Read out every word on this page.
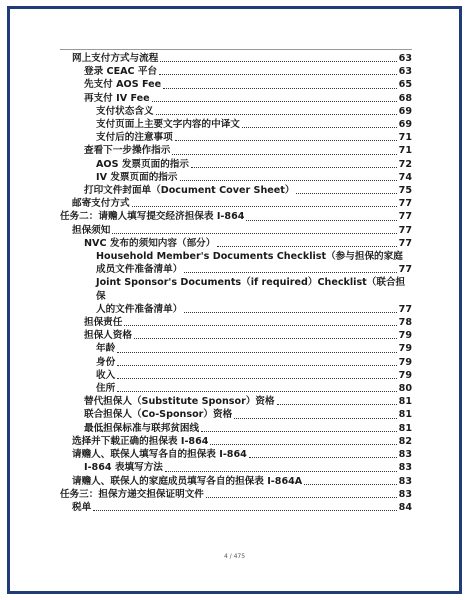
网上支付方式与流程	63
登录 CEAC 平台	63
先支付 AOS Fee	65
再支付 IV Fee	68
支付状态含义	69
支付页面上主要文字内容的中译文	69
支付后的注意事项	71
查看下一步操作指示	71
AOS 发票页面的指示	72
IV 发票页面的指示	74
打印文件封面单（Document Cover Sheet）	75
邮寄支付方式	77
任务二：请赡人填写提交经济担保表 I-864	77
担保须知	77
NVC 发布的须知内容（部分）	77
Household Member's Documents Checklist（参与担保的家庭
成员文件准备清单）	77
Joint Sponsor's Documents（if required）Checklist（联合担保
人的文件准备清单）	77
担保责任	78
担保人资格	79
年龄	79
身份	79
收入	79
住所	80
替代担保人（Substitute Sponsor）资格	81
联合担保人（Co-Sponsor）资格	81
最低担保标准与联邦贫困线	81
选择并下载正确的担保表 I-864	82
请赡人、联保人填写各自的担保表 I-864	83
I-864 表填写方法	83
请赡人、联保人的家庭成员填写各自的担保表 I-864A	83
任务三：担保方递交担保证明文件	83
税单	84
4 / 475
